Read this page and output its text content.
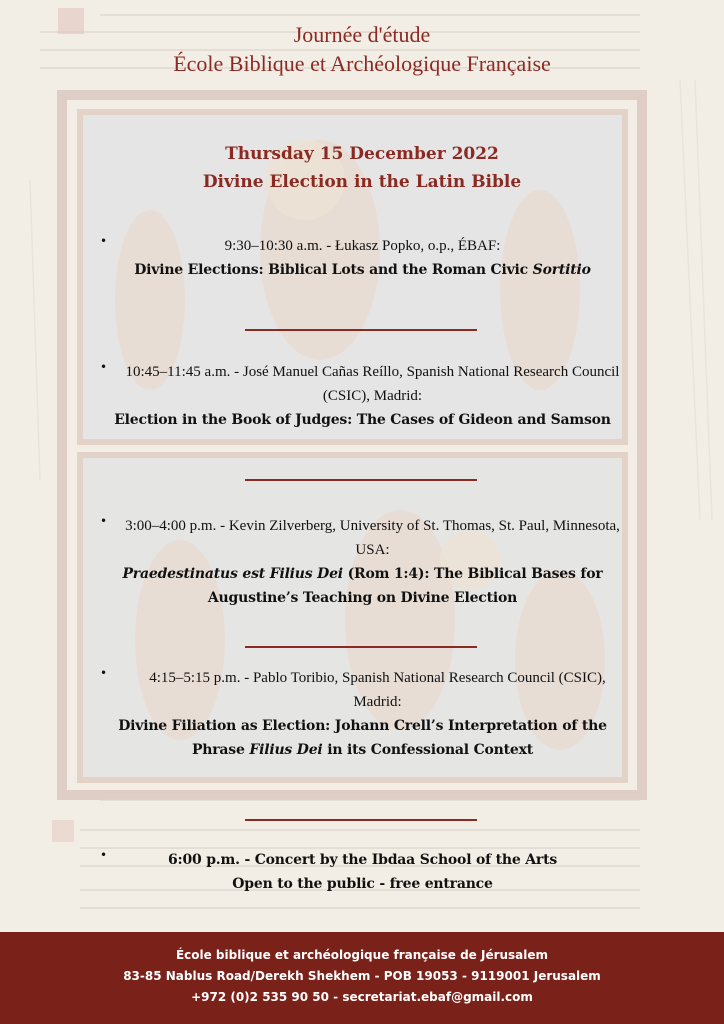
Journée d'étude
École Biblique et Archéologique Française
Thursday 15 December 2022
Divine Election in the Latin Bible
•	9:30–10:30 a.m. - Łukasz Popko, o.p., ÉBAF:
Divine Elections: Biblical Lots and the Roman Civic Sortitio
•	10:45–11:45 a.m. - José Manuel Cañas Reíllo, Spanish National Research Council (CSIC), Madrid:
Election in the Book of Judges: The Cases of Gideon and Samson
•	3:00–4:00 p.m. - Kevin Zilverberg, University of St. Thomas, St. Paul, Minnesota, USA:
Praedestinatus est Filius Dei (Rom 1:4): The Biblical Bases for Augustine’s Teaching on Divine Election
•	4:15–5:15 p.m. - Pablo Toribio, Spanish National Research Council (CSIC), Madrid:
Divine Filiation as Election: Johann Crell’s Interpretation of the Phrase Filius Dei in its Confessional Context
•	6:00 p.m. - Concert by the Ibdaa School of the Arts
Open to the public - free entrance
École biblique et archéologique française de Jérusalem
83-85 Nablus Road/Derekh Shekhem - POB 19053 - 9119001 Jerusalem
+972 (0)2 535 90 50 - secretariat.ebaf@gmail.com
